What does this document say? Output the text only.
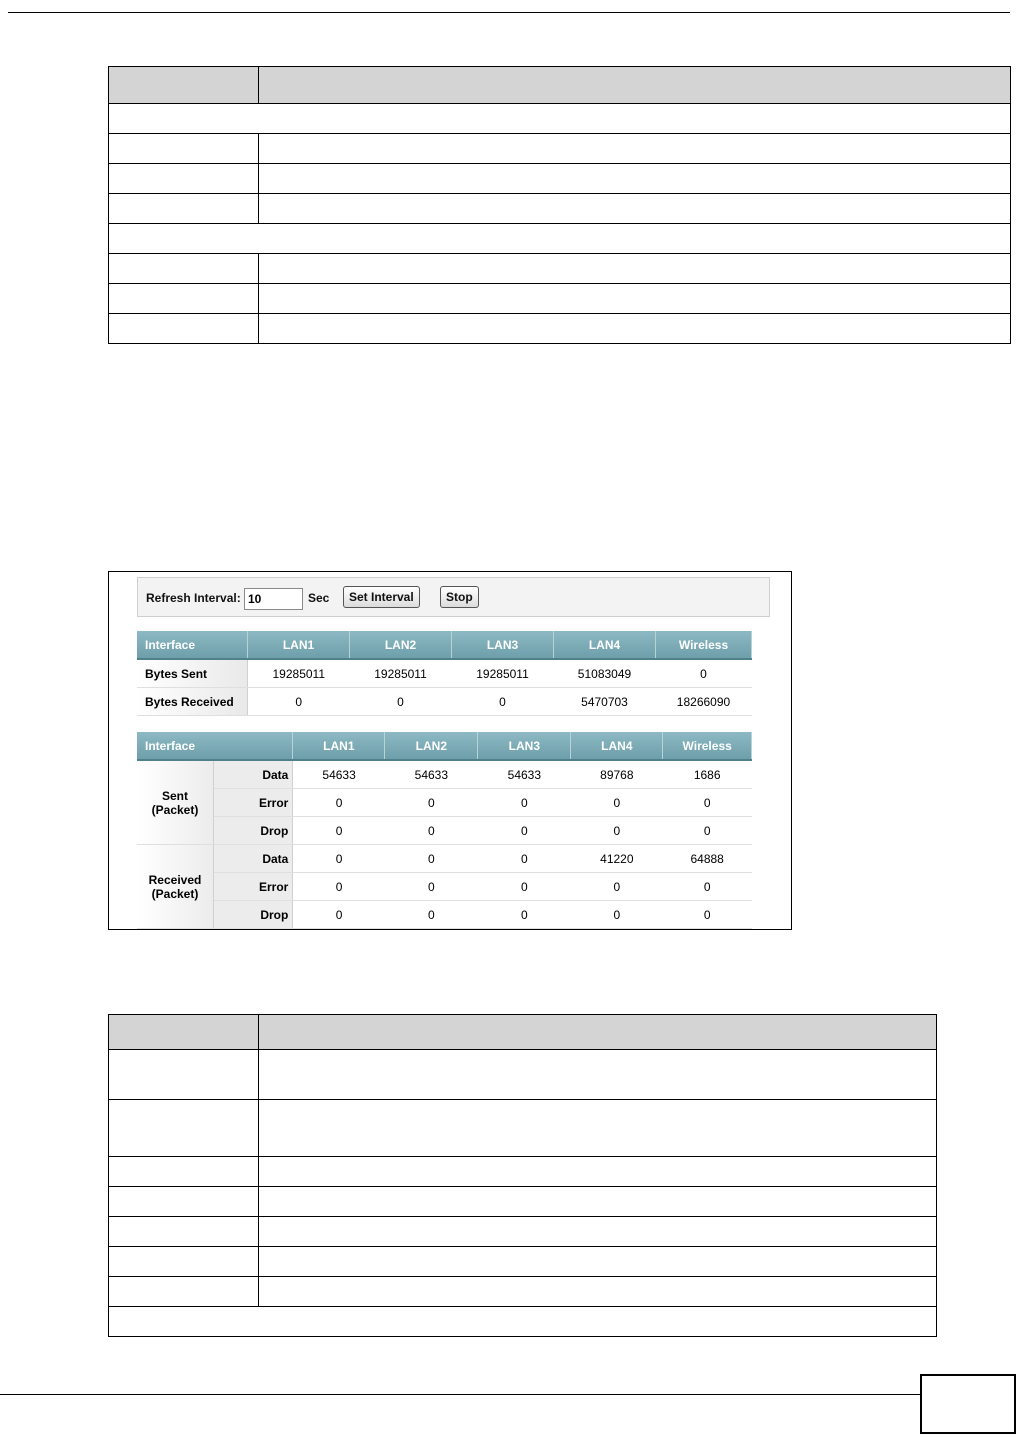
Refresh Interval:
10	Sec	Set Interval	Stop
Interface	LAN1	LAN2	LAN3	LAN4	Wireless
Bytes Sent	19285011	19285011	19285011	51083049	0
Bytes Received	0	0	0	5470703	18266090
Interface		LAN1	LAN2	LAN3	LAN4	Wireless
Sent
(Packet)	Data	54633	54633	54633	89768	1686
	Error	0	0	0	0	0
	Drop	0	0	0	0	0
Received
(Packet)	Data	0	0	0	41220	64888
	Error	0	0	0	0	0
	Drop	0	0	0	0	0
